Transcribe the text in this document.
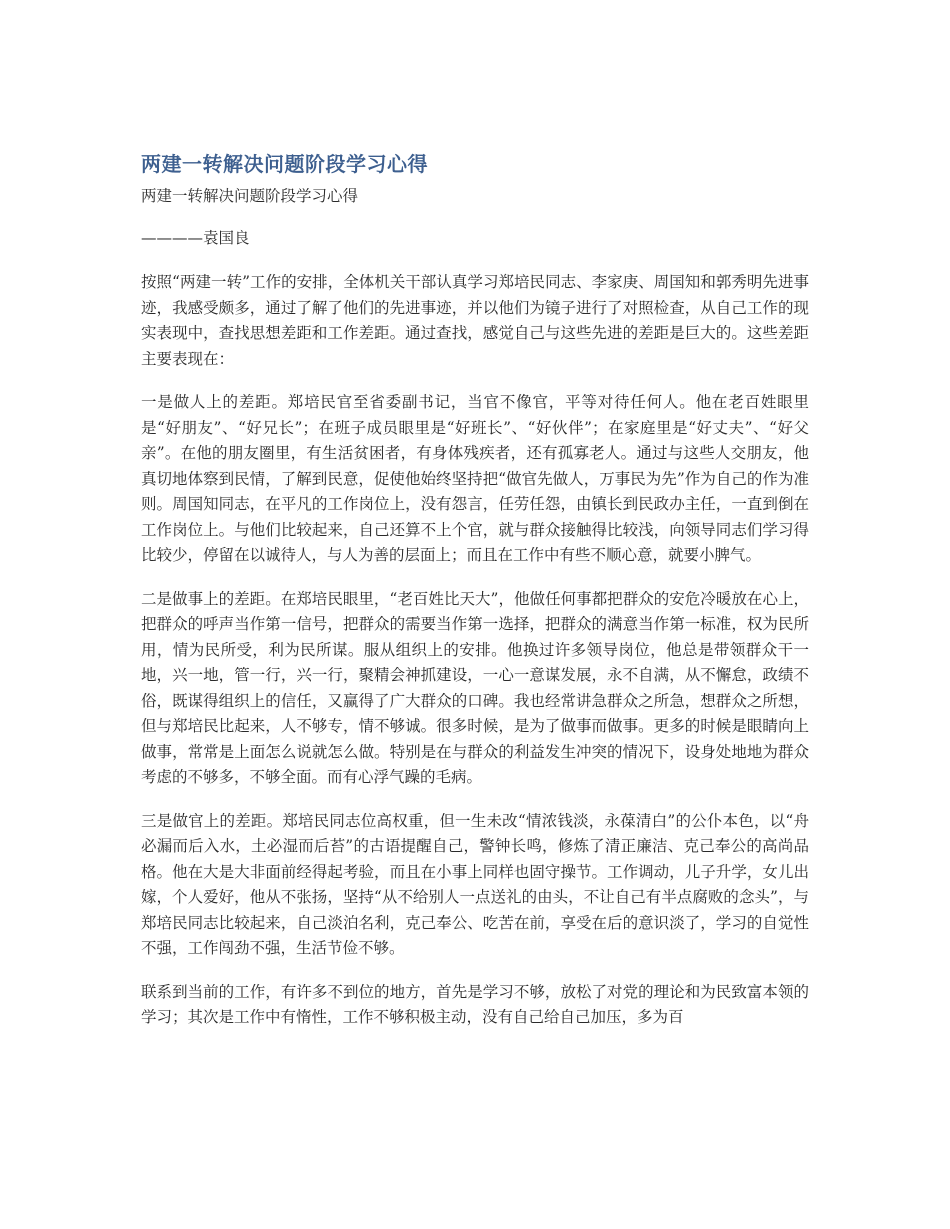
两建一转解决问题阶段学习心得

两建一转解决问题阶段学习心得

————袁国良

按照“两建一转”工作的安排，全体机关干部认真学习郑培民同志、李家庚、周国知和郭秀明先进事迹，我感受颇多，通过了解了他们的先进事迹，并以他们为镜子进行了对照检查，从自己工作的现实表现中，查找思想差距和工作差距。通过查找，感觉自己与这些先进的差距是巨大的。这些差距主要表现在：

一是做人上的差距。郑培民官至省委副书记，当官不像官，平等对待任何人。他在老百姓眼里是“好朋友”、“好兄长”；在班子成员眼里是“好班长”、“好伙伴”；在家庭里是“好丈夫”、“好父亲”。在他的朋友圈里，有生活贫困者，有身体残疾者，还有孤寡老人。通过与这些人交朋友，他真切地体察到民情，了解到民意，促使他始终坚持把“做官先做人，万事民为先”作为自己的作为准则。周国知同志，在平凡的工作岗位上，没有怨言，任劳任怨，由镇长到民政办主任，一直到倒在工作岗位上。与他们比较起来，自己还算不上个官，就与群众接触得比较浅，向领导同志们学习得比较少，停留在以诚待人，与人为善的层面上；而且在工作中有些不顺心意，就要小脾气。

二是做事上的差距。在郑培民眼里，“老百姓比天大”，他做任何事都把群众的安危冷暖放在心上，把群众的呼声当作第一信号，把群众的需要当作第一选择，把群众的满意当作第一标准，权为民所用，情为民所受，利为民所谋。服从组织上的安排。他换过许多领导岗位，他总是带领群众干一地，兴一地，管一行，兴一行，聚精会神抓建设，一心一意谋发展，永不自满，从不懈怠，政绩不俗，既谋得组织上的信任，又赢得了广大群众的口碑。我也经常讲急群众之所急，想群众之所想，但与郑培民比起来，人不够专，情不够诚。很多时候，是为了做事而做事。更多的时候是眼睛向上做事，常常是上面怎么说就怎么做。特别是在与群众的利益发生冲突的情况下，设身处地地为群众考虑的不够多，不够全面。而有心浮气躁的毛病。

三是做官上的差距。郑培民同志位高权重，但一生未改“情浓钱淡，永葆清白”的公仆本色，以“舟必漏而后入水，土必湿而后苔”的古语提醒自己，警钟长鸣，修炼了清正廉洁、克己奉公的高尚品格。他在大是大非面前经得起考验，而且在小事上同样也固守操节。工作调动，儿子升学，女儿出嫁，个人爱好，他从不张扬，坚持“从不给别人一点送礼的由头，不让自己有半点腐败的念头”，与郑培民同志比较起来，自己淡泊名利，克己奉公、吃苦在前，享受在后的意识淡了，学习的自觉性不强，工作闯劲不强，生活节俭不够。

联系到当前的工作，有许多不到位的地方，首先是学习不够，放松了对党的理论和为民致富本领的学习；其次是工作中有惰性，工作不够积极主动，没有自己给自己加压，多为百
